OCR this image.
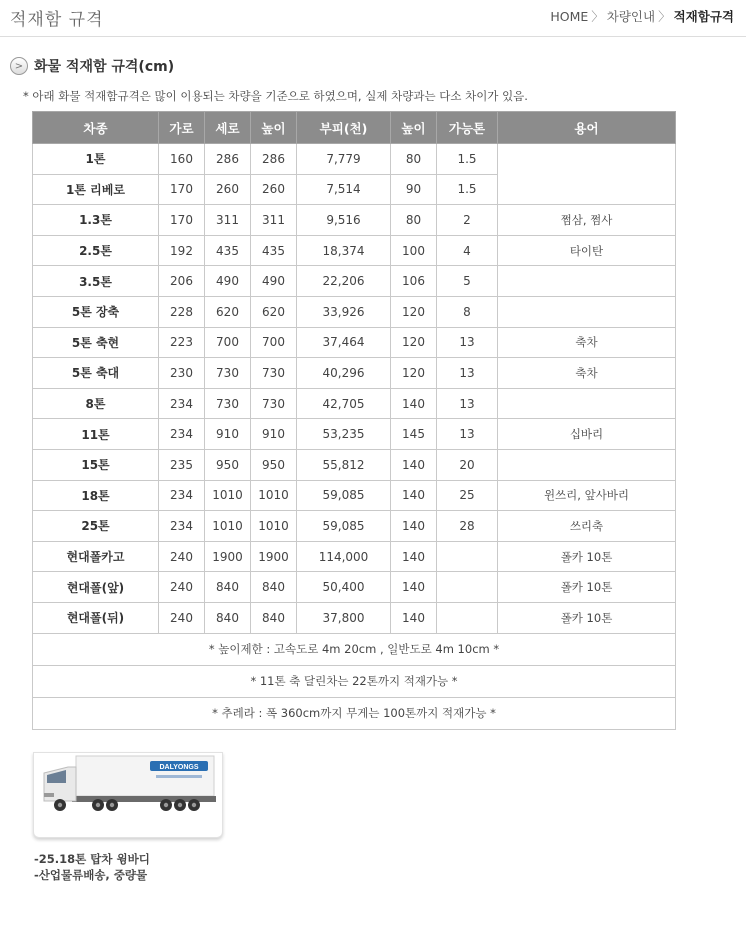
적재함 규격	HOME 〉 차량인내 〉 적재함규격
> 화물 적재함 규격(cm)
* 아래 화물 적재함규격은 많이 이용되는 차량을 기준으로 하였으며, 실제 차량과는 다소 차이가 있음.
차종	가로	세로	높이	부피(천)	높이	가능톤	용어
1톤	160	286	286	7,779	80	1.5	
1톤 리베로	170	260	260	7,514	90	1.5	
1.3톤	170	311	311	9,516	80	2	쩜삼, 쩜사
2.5톤	192	435	435	18,374	100	4	타이탄
3.5톤	206	490	490	22,206	106	5	
5톤 장축	228	620	620	33,926	120	8	
5톤 축현	223	700	700	37,464	120	13	축차
5톤 축대	230	730	730	40,296	120	13	축차
8톤	234	730	730	42,705	140	13	
11톤	234	910	910	53,235	145	13	십바리
15톤	235	950	950	55,812	140	20	
18톤	234	1010	1010	59,085	140	25	윈쓰리, 앞사바리
25톤	234	1010	1010	59,085	140	28	쓰리축
현대폴카고	240	1900	1900	114,000	140		폴카 10톤
현대폴(앞)	240	840	840	50,400	140		폴카 10톤
현대폴(뒤)	240	840	840	37,800	140		폴카 10톤
* 높이제한 : 고속도로 4m 20cm , 일반도로 4m 10cm *							
* 11톤 축 달린차는 22톤까지 적재가능 *							
* 추레라 : 폭 360cm까지 무게는 100톤까지 적재가능 *							
DALYONGS
-25.18톤 탑차 윙바디
-산업물류배송, 중량물
